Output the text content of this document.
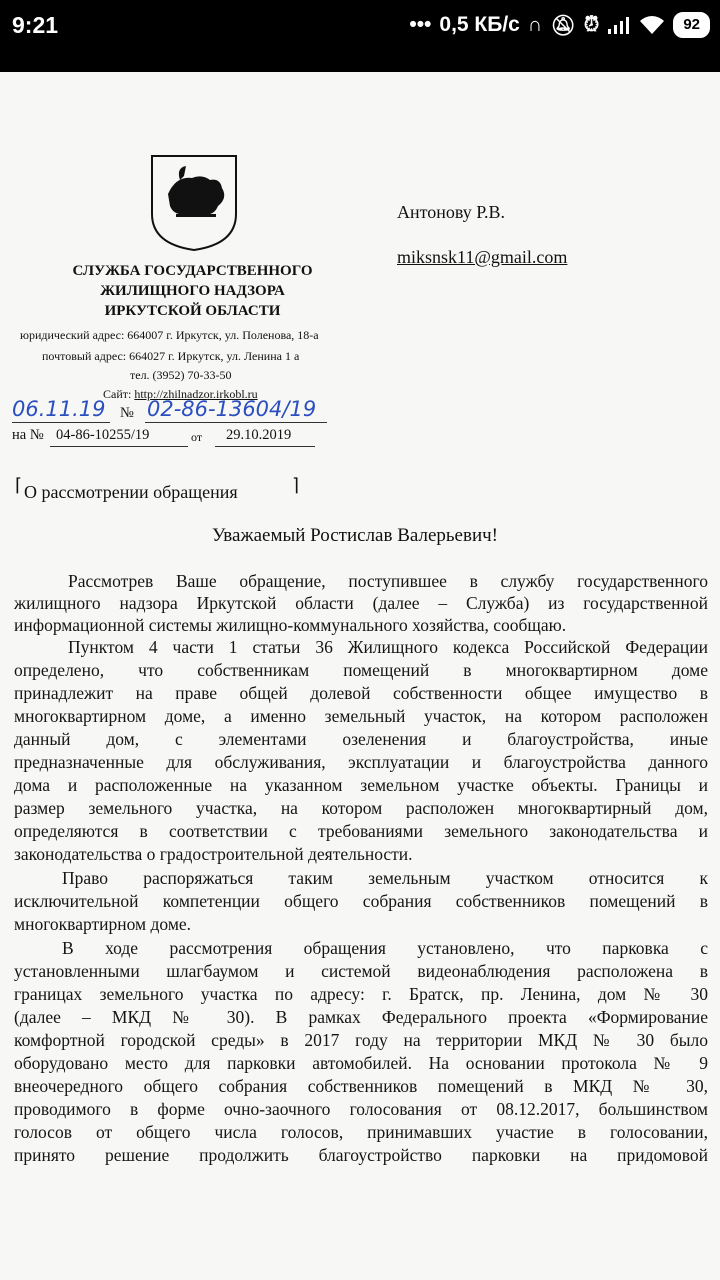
9:21	••• 0,5 КБ/с ∩ 🔕︎ ⏰︎	92
СЛУЖБА ГОСУДАРСТВЕННОГО
ЖИЛИЩНОГО НАДЗОРА
ИРКУТСКОЙ ОБЛАСТИ
юридический адрес: 664007 г. Иркутск, ул. Поленова, 18-а
почтовый адрес: 664027 г. Иркутск, ул. Ленина 1 а
тел. (3952) 70-33-50
Сайт: http://zhilnadzor.irkobl.ru
06.11.19 № 02-86-13604/19
на № 04-86-10255/19	от 29.10.2019
Антонову Р.В.
miksnsk11@gmail.com
⌈	⌉
О рассмотрении обращения
Уважаемый Ростислав Валерьевич!
Рассмотрев Ваше обращение, поступившее в службу государственного
жилищного надзора Иркутской области (далее – Служба) из государственной
информационной системы жилищно-коммунального хозяйства, сообщаю.
Пунктом 4 части 1 статьи 36 Жилищного кодекса Российской Федерации
определено, что собственникам помещений в многоквартирном доме
принадлежит на праве общей долевой собственности общее имущество в
многоквартирном доме, а именно земельный участок, на котором расположен
данный дом, с элементами озеленения и благоустройства, иные
предназначенные для обслуживания, эксплуатации и благоустройства данного
дома и расположенные на указанном земельном участке объекты. Границы и
размер земельного участка, на котором расположен многоквартирный дом,
определяются в соответствии с требованиями земельного законодательства и
законодательства о градостроительной деятельности.
Право распоряжаться таким земельным участком относится к
исключительной компетенции общего собрания собственников помещений в
многоквартирном доме.
В ходе рассмотрения обращения установлено, что парковка с
установленными шлагбаумом и системой видеонаблюдения расположена в
границах земельного участка по адресу: г. Братск, пр. Ленина, дом № 30
(далее – МКД № 30). В рамках Федерального проекта «Формирование
комфортной городской среды» в 2017 году на территории МКД № 30 было
оборудовано место для парковки автомобилей. На основании протокола № 9
внеочередного общего собрания собственников помещений в МКД № 30,
проводимого в форме очно-заочного голосования от 08.12.2017, большинством
голосов от общего числа голосов, принимавших участие в голосовании,
принято решение продолжить благоустройство парковки на придомовой
